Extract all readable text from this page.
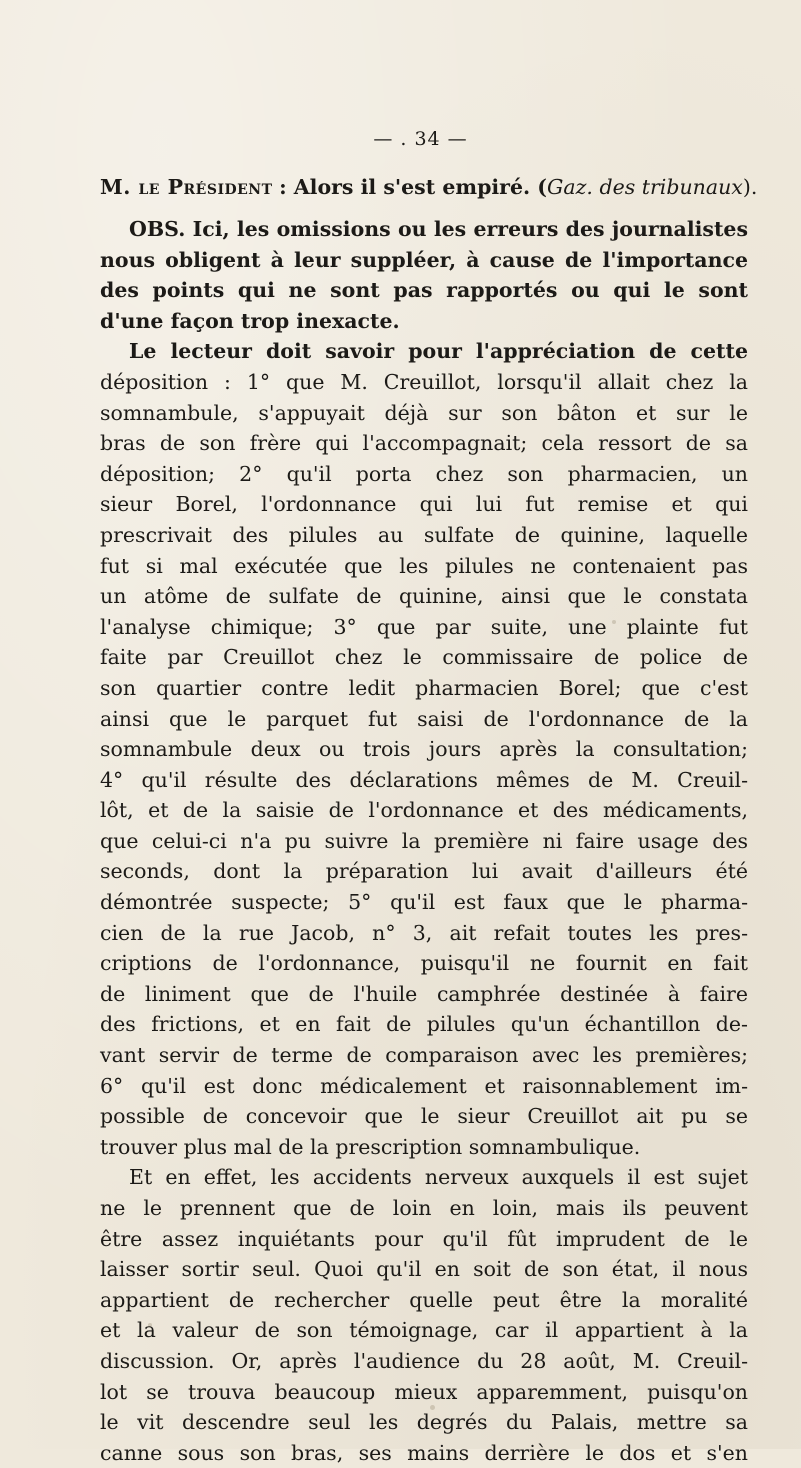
— . 34 —
M. le Président : Alors il s'est empiré. (Gaz. des tribunaux).
OBS. Ici, les omissions ou les erreurs des journalistes
nous obligent à leur suppléer, à cause de l'importance
des points qui ne sont pas rapportés ou qui le sont
d'une façon trop inexacte.
Le lecteur doit savoir pour l'appréciation de cette
déposition : 1° que M. Creuillot, lorsqu'il allait chez la
somnambule, s'appuyait déjà sur son bâton et sur le
bras de son frère qui l'accompagnait; cela ressort de sa
déposition; 2° qu'il porta chez son pharmacien, un
sieur Borel, l'ordonnance qui lui fut remise et qui
prescrivait des pilules au sulfate de quinine, laquelle
fut si mal exécutée que les pilules ne contenaient pas
un atôme de sulfate de quinine, ainsi que le constata
l'analyse chimique; 3° que par suite, une plainte fut
faite par Creuillot chez le commissaire de police de
son quartier contre ledit pharmacien Borel; que c'est
ainsi que le parquet fut saisi de l'ordonnance de la
somnambule deux ou trois jours après la consultation;
4° qu'il résulte des déclarations mêmes de M. Creuil-
lôt, et de la saisie de l'ordonnance et des médicaments,
que celui-ci n'a pu suivre la première ni faire usage des
seconds, dont la préparation lui avait d'ailleurs été
démontrée suspecte; 5° qu'il est faux que le pharma-
cien de la rue Jacob, n° 3, ait refait toutes les pres-
criptions de l'ordonnance, puisqu'il ne fournit en fait
de liniment que de l'huile camphrée destinée à faire
des frictions, et en fait de pilules qu'un échantillon de-
vant servir de terme de comparaison avec les premières;
6° qu'il est donc médicalement et raisonnablement im-
possible de concevoir que le sieur Creuillot ait pu se
trouver plus mal de la prescription somnambulique.
Et en effet, les accidents nerveux auxquels il est sujet
ne le prennent que de loin en loin, mais ils peuvent
être assez inquiétants pour qu'il fût imprudent de le
laisser sortir seul. Quoi qu'il en soit de son état, il nous
appartient de rechercher quelle peut être la moralité
et la valeur de son témoignage, car il appartient à la
discussion. Or, après l'audience du 28 août, M. Creuil-
lot se trouva beaucoup mieux apparemment, puisqu'on
le vit descendre seul les degrés du Palais, mettre sa
canne sous son bras, ses mains derrière le dos et s'en
